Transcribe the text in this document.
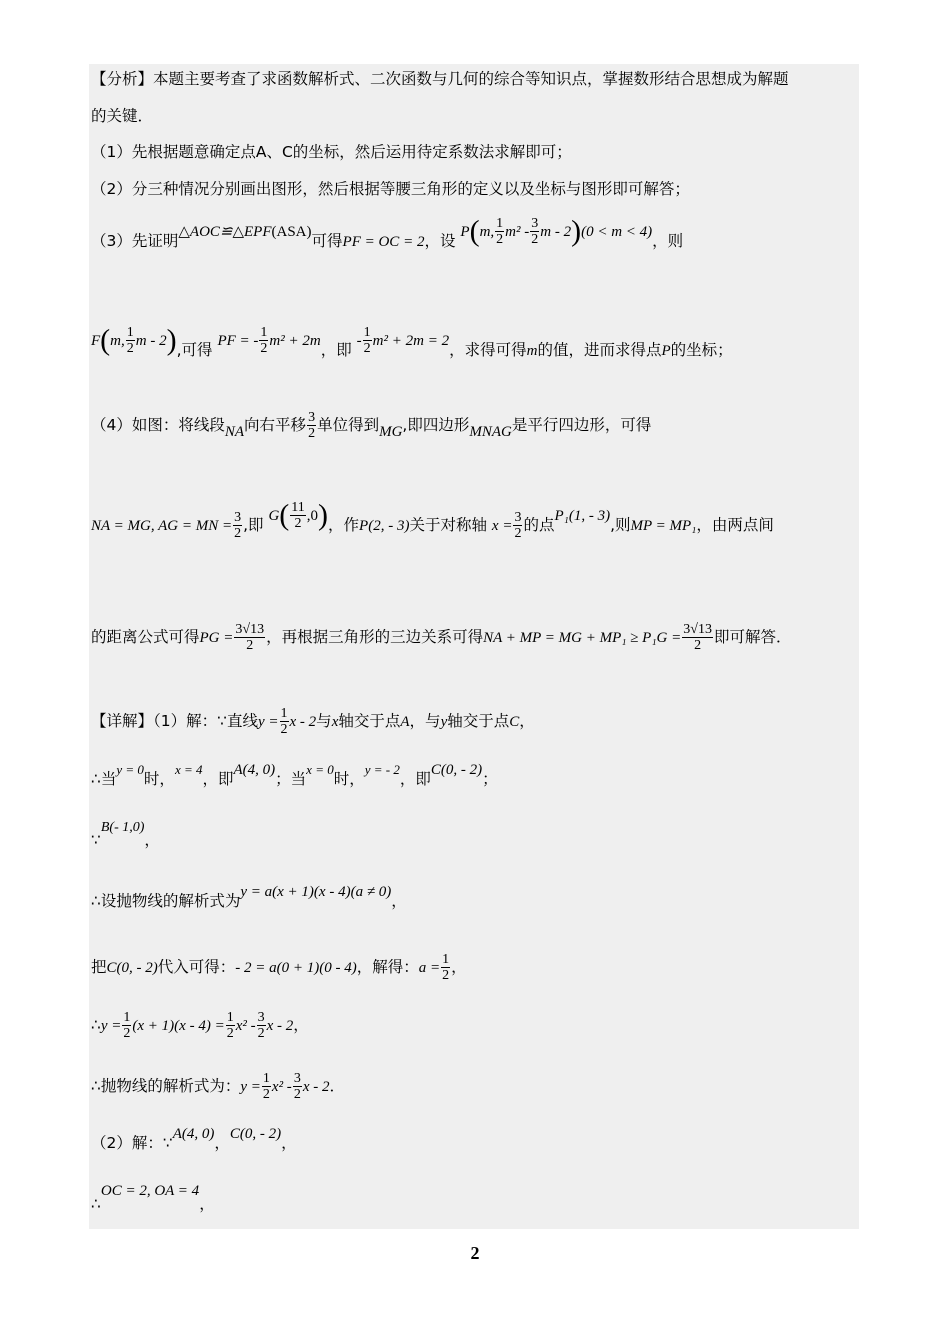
【分析】本题主要考查了求函数解析式、二次函数与几何的综合等知识点，掌握数形结合思想成为解题
的关键．
（1）先根据题意确定点A、C的坐标，然后运用待定系数法求解即可；
（2）分三种情况分别画出图形，然后根据等腰三角形的定义以及坐标与图形即可解答；
（3）先证明△AOC≌△EPF(ASA)可得PF = OC = 2，设 P(m, $\frac{1}{2} m^2 - \frac{3}{2}$ m - 2)(0 < m < 4)，则
F(m, $\frac{1}{2}$ m - 2),可得 PF = - $\frac{1}{2} m^2 + 2m$，即 - $\frac{1}{2} m^2 + 2m = 2$，求得可得m的值，进而求得点P的坐标；
（4）如图：将线段NA向右平移 $\frac{3}{2}$ 单位得到MG,即四边形MNAG是平行四边形，可得
NA = MG, AG = MN = $\frac{3}{2}$ ,即 $G( \frac{11}{2} ,0)$，作P(2, - 3)关于对称轴 $x = \frac{3}{2}$ 的点P₁(1, - 3),则MP = MP₁，由两点间
的距离公式可得PG = $\frac{3√13}{2}$ ，再根据三角形的三边关系可得NA + MP = MG + $MP_1 \ge P_1G = \frac{3√13}{2}$ 即可解答．
【详解】（1）解：∵直线$y = \frac{1}{2}$ x - 2与x轴交于点A，与y轴交于点C，
∴当$^{y = 0}$时，$^{x = 4}$，即A(4, 0)；当$^{x = 0}$时，$^{y = - 2}$，即C(0, - 2)；
∵B(- 1,0)，
∴设抛物线的解析式为y = a(x + 1)(x - 4)(a ≠ 0)，
把C(0, - 2)代入可得：- 2 = a(0 + 1)(0 - 4)，解得：$a = \frac{1}{2}$ ，
∴y = $\frac{1}{2} (x + 1)(x - 4) = \frac{1}{2} x^2 - \frac{3}{2}$ x - 2，
∴抛物线的解析式为：$y = \frac{1}{2} x^2 - \frac{3}{2}$ x - 2．
（2）解：∵A(4, 0)，C(0, - 2)，
∴OC = 2, OA = 4，
2
